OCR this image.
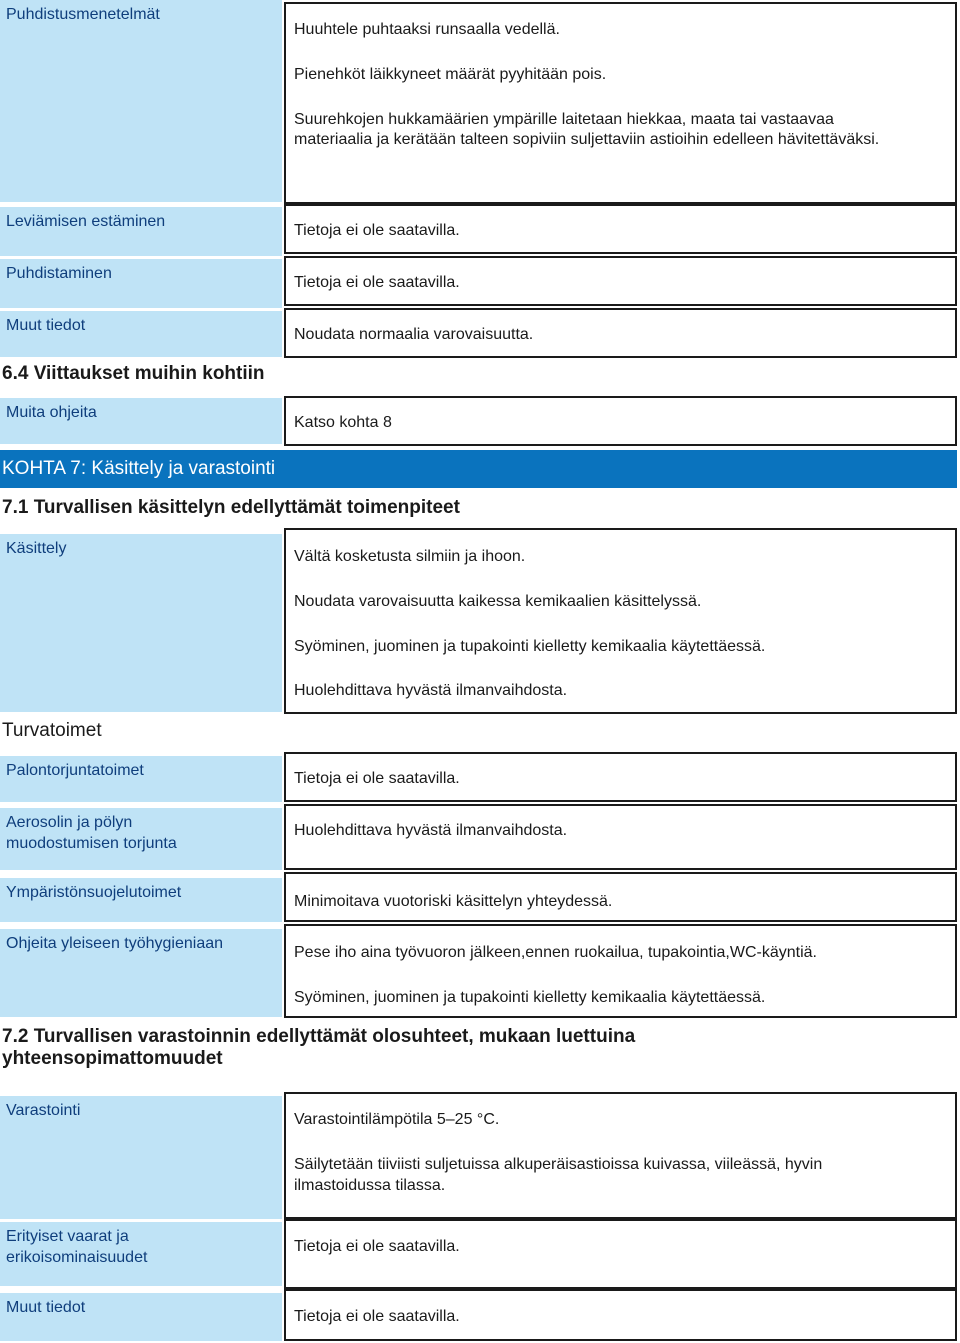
Puhdistusmenetelmät
Huuhtele puhtaaksi runsaalla vedellä.
Pienehköt läikkyneet määrät pyyhitään pois.
Suurehkojen hukkamäärien ympärille laitetaan hiekkaa, maata tai vastaavaa
materiaalia ja kerätään talteen sopiviin suljettaviin astioihin edelleen hävitettäväksi.
Leviämisen estäminen
Tietoja ei ole saatavilla.
Puhdistaminen
Tietoja ei ole saatavilla.
Muut tiedot
Noudata normaalia varovaisuutta.
6.4 Viittaukset muihin kohtiin
Muita ohjeita
Katso kohta 8
KOHTA 7: Käsittely ja varastointi
7.1 Turvallisen käsittelyn edellyttämät toimenpiteet
Käsittely	Vältä kosketusta silmiin ja ihoon.
Noudata varovaisuutta kaikessa kemikaalien käsittelyssä.
Syöminen, juominen ja tupakointi kielletty kemikaalia käytettäessä.
Huolehdittava hyvästä ilmanvaihdosta.
Turvatoimet
Palontorjuntatoimet	Tietoja ei ole saatavilla.
Aerosolin ja pölyn
muodostumisen torjunta
Huolehdittava hyvästä ilmanvaihdosta.
Ympäristönsuojelutoimet
Minimoitava vuotoriski käsittelyn yhteydessä.
Ohjeita yleiseen työhygieniaan
Pese iho aina työvuoron jälkeen,ennen ruokailua, tupakointia,WC-käyntiä.
Syöminen, juominen ja tupakointi kielletty kemikaalia käytettäessä.
7.2 Turvallisen varastoinnin edellyttämät olosuhteet, mukaan luettuina
yhteensopimattomuudet
Varastointi
Varastointilämpötila 5–25 °C.
Säilytetään tiiviisti suljetuissa alkuperäisastioissa kuivassa, viileässä, hyvin
ilmastoidussa tilassa.
Erityiset vaarat ja
erikoisominaisuudet
Tietoja ei ole saatavilla.
Muut tiedot
Tietoja ei ole saatavilla.
